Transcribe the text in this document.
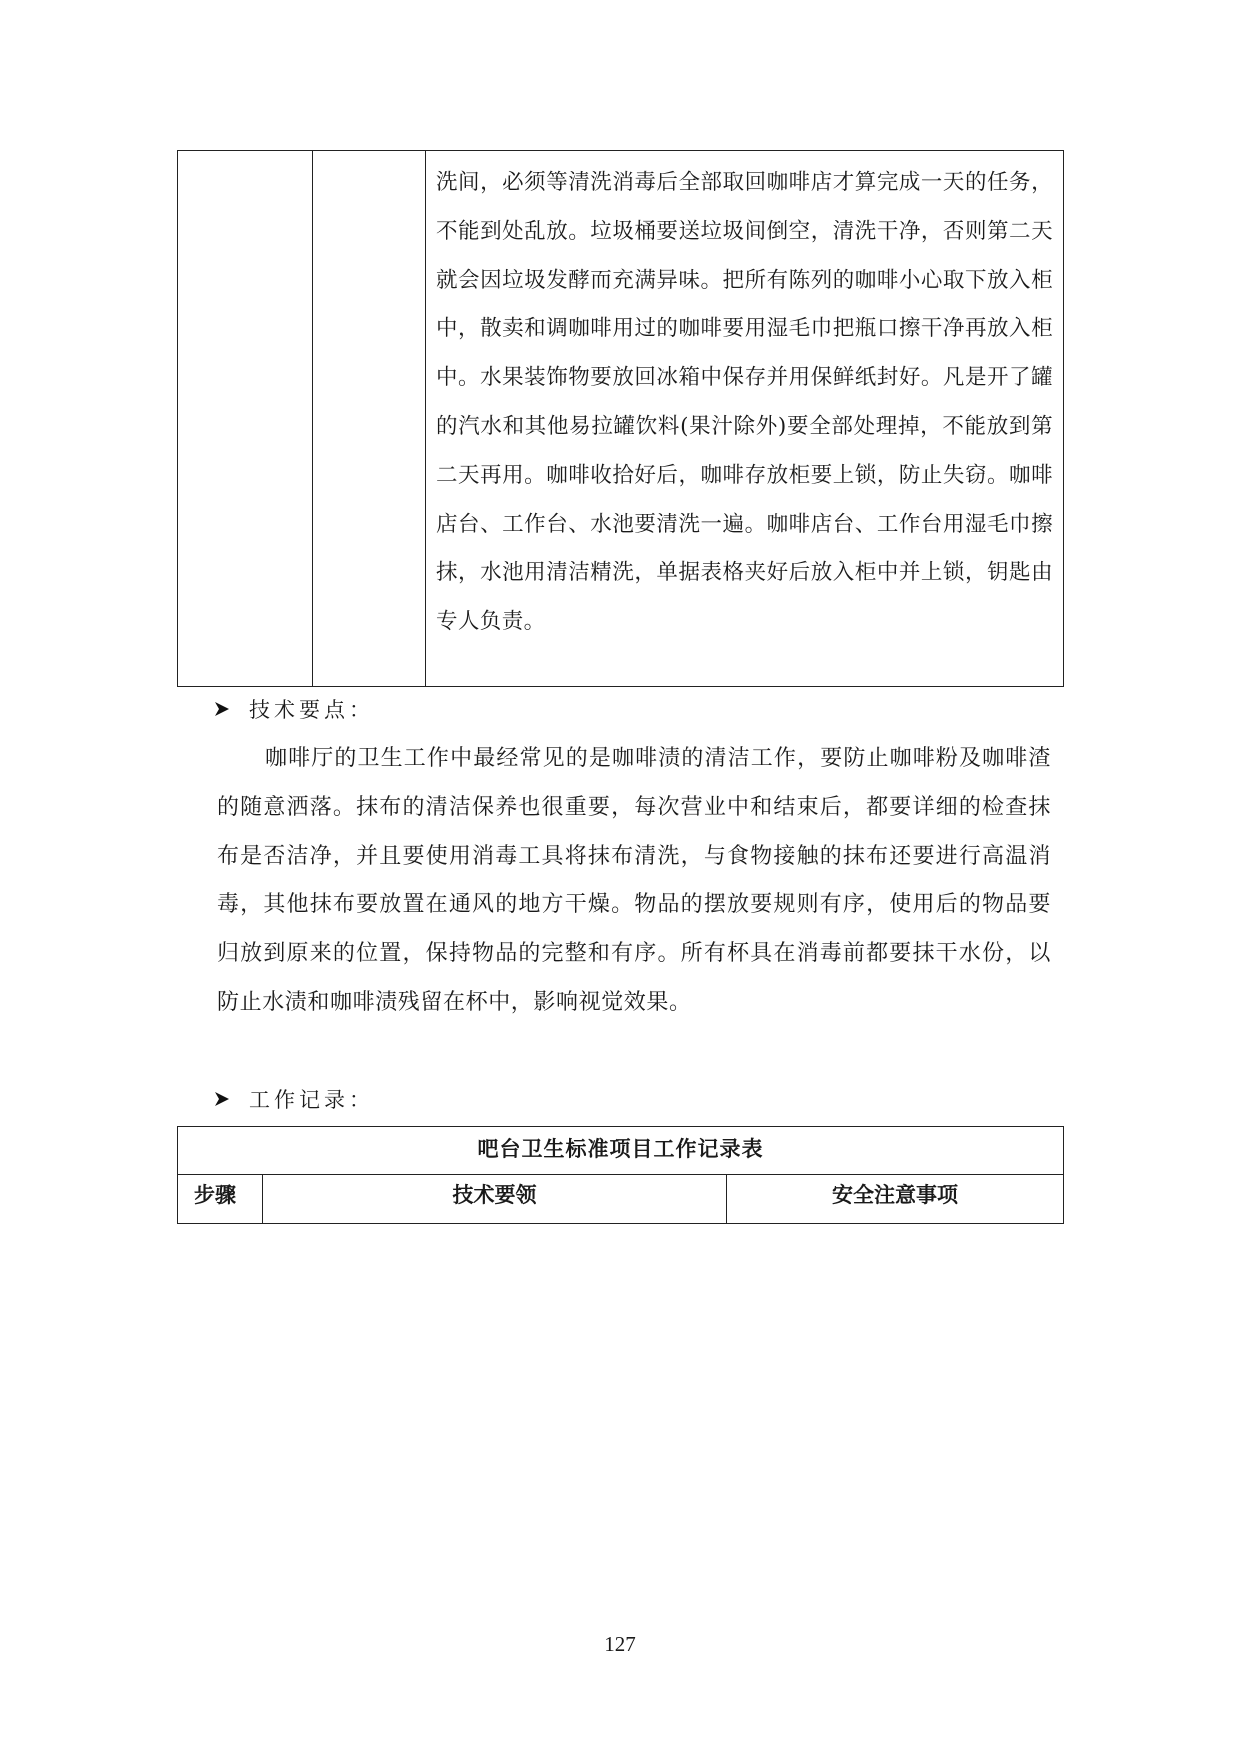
洗间，必须等清洗消毒后全部取回咖啡店才算完成一天的任务，不能到处乱放。垃圾桶要送垃圾间倒空，清洗干净，否则第二天就会因垃圾发酵而充满异味。把所有陈列的咖啡小心取下放入柜中，散卖和调咖啡用过的咖啡要用湿毛巾把瓶口擦干净再放入柜中。水果装饰物要放回冰箱中保存并用保鲜纸封好。凡是开了罐的汽水和其他易拉罐饮料(果汁除外)要全部处理掉，不能放到第二天再用。咖啡收拾好后，咖啡存放柜要上锁，防止失窃。咖啡店台、工作台、水池要清洗一遍。咖啡店台、工作台用湿毛巾擦抹，水池用清洁精洗，单据表格夹好后放入柜中并上锁，钥匙由专人负责。
技术要点：
咖啡厅的卫生工作中最经常见的是咖啡渍的清洁工作，要防止咖啡粉及咖啡渣的随意洒落。抹布的清洁保养也很重要，每次营业中和结束后，都要详细的检查抹布是否洁净，并且要使用消毒工具将抹布清洗，与食物接触的抹布还要进行高温消毒，其他抹布要放置在通风的地方干燥。物品的摆放要规则有序，使用后的物品要归放到原来的位置，保持物品的完整和有序。所有杯具在消毒前都要抹干水份，以防止水渍和咖啡渍残留在杯中，影响视觉效果。
工作记录：
吧台卫生标准项目工作记录表
步骤	技术要领	安全注意事项
127
